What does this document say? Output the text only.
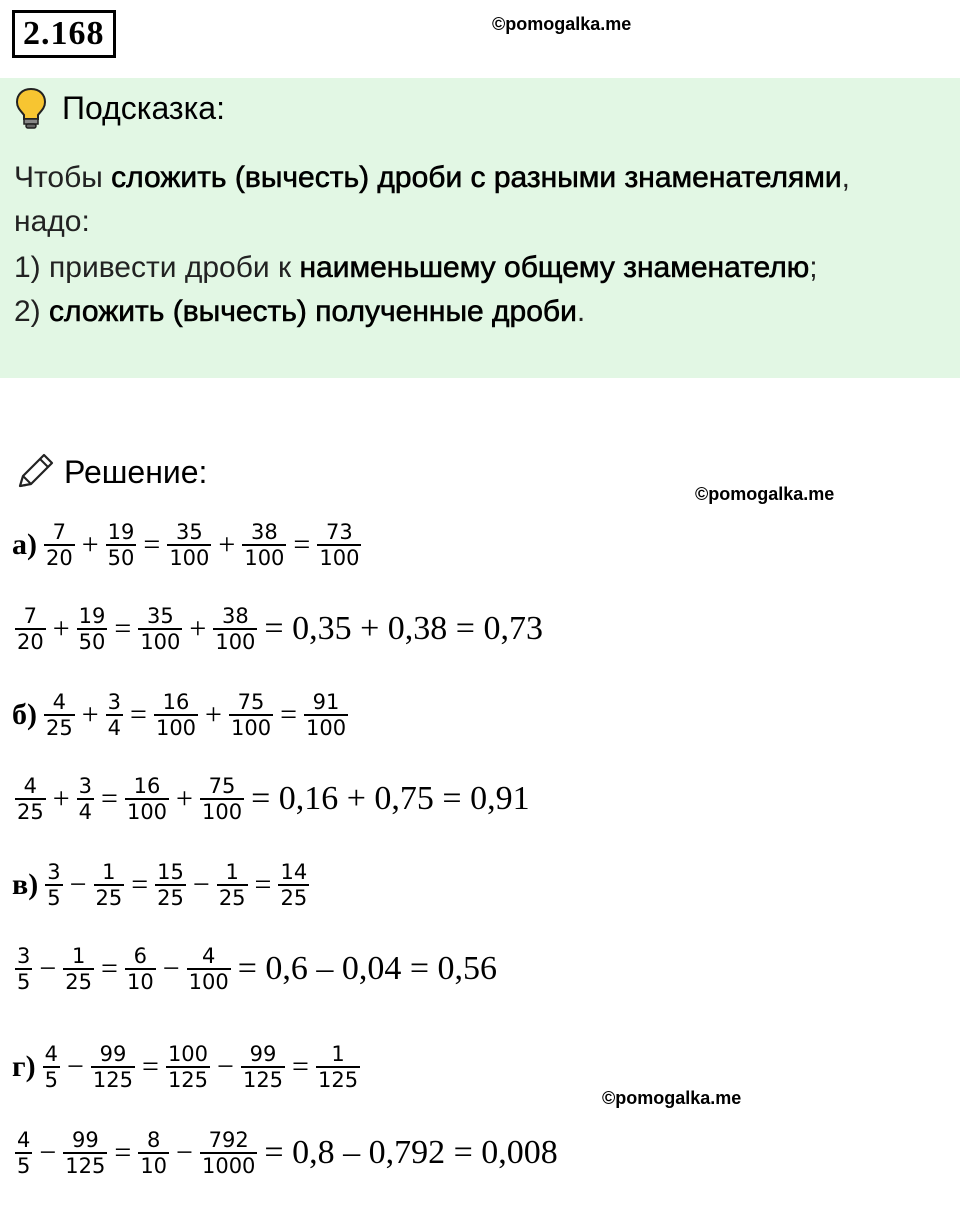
2.168	©pomogalka.me
Подсказка:
Чтобы сложить (вычесть) дроби с разными знаменателями,
надо:
1) привести дроби к наименьшему общему знаменателю;
2) сложить (вычесть) полученные дроби.
Решение:
©pomogalka.me
©pomogalka.me
$а) \frac{7}{20} + \frac{19}{50} = \frac{35}{100} + \frac{38}{100} = \frac{73}{100}$
$\frac{7}{20} + \frac{19}{50} = \frac{35}{100} + \frac{38}{100} = 0,35 + 0,38 = 0,73$
$б) \frac{4}{25} + \frac{3}{4} = \frac{16}{100} + \frac{75}{100} = \frac{91}{100}$
$\frac{4}{25} + \frac{3}{4} = \frac{16}{100} + \frac{75}{100} = 0,16 + 0,75 = 0,91$
$в) \frac{3}{5} - \frac{1}{25} = \frac{15}{25} - \frac{1}{25} = \frac{14}{25}$
$\frac{3}{5} - \frac{1}{25} = \frac{6}{10} - \frac{4}{100} = 0,6 - 0,04 = 0,56$
$г) \frac{4}{5} - \frac{99}{125} = \frac{100}{125} - \frac{99}{125} = \frac{1}{125}$
$\frac{4}{5} - \frac{99}{125} = \frac{8}{10} - \frac{792}{1000} = 0,8 - 0,792 = 0,008$
